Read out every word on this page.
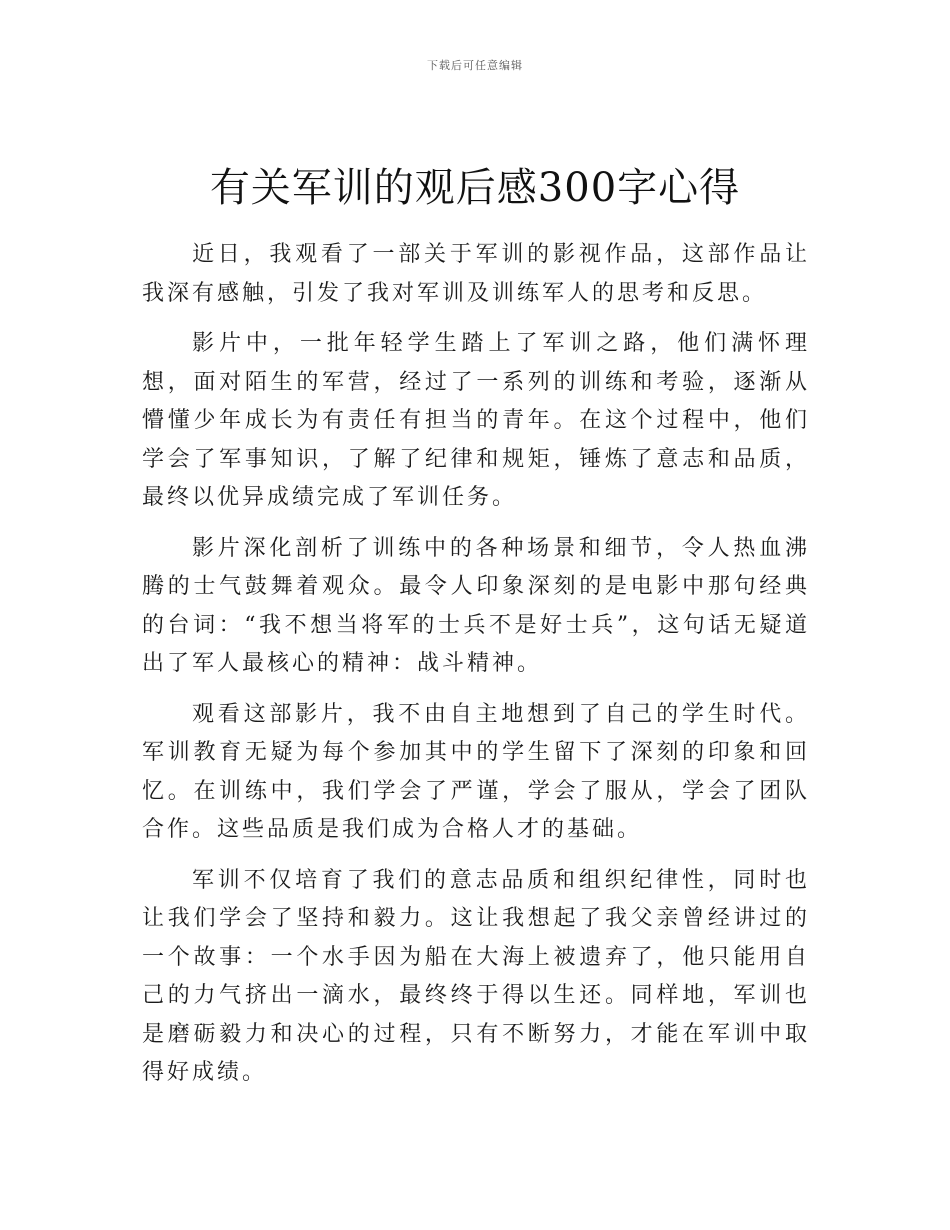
下载后可任意编辑
有关军训的观后感300字心得

近日，我观看了一部关于军训的影视作品，这部作品让我深有感触，引发了我对军训及训练军人的思考和反思。

影片中，一批年轻学生踏上了军训之路，他们满怀理想，面对陌生的军营，经过了一系列的训练和考验，逐渐从懵懂少年成长为有责任有担当的青年。在这个过程中，他们学会了军事知识，了解了纪律和规矩，锤炼了意志和品质，最终以优异成绩完成了军训任务。

影片深化剖析了训练中的各种场景和细节，令人热血沸腾的士气鼓舞着观众。最令人印象深刻的是电影中那句经典的台词：“我不想当将军的士兵不是好士兵”，这句话无疑道出了军人最核心的精神：战斗精神。

观看这部影片，我不由自主地想到了自己的学生时代。军训教育无疑为每个参加其中的学生留下了深刻的印象和回忆。在训练中，我们学会了严谨，学会了服从，学会了团队合作。这些品质是我们成为合格人才的基础。

军训不仅培育了我们的意志品质和组织纪律性，同时也让我们学会了坚持和毅力。这让我想起了我父亲曾经讲过的一个故事：一个水手因为船在大海上被遗弃了，他只能用自己的力气挤出一滴水，最终终于得以生还。同样地，军训也是磨砺毅力和决心的过程，只有不断努力，才能在军训中取得好成绩。
